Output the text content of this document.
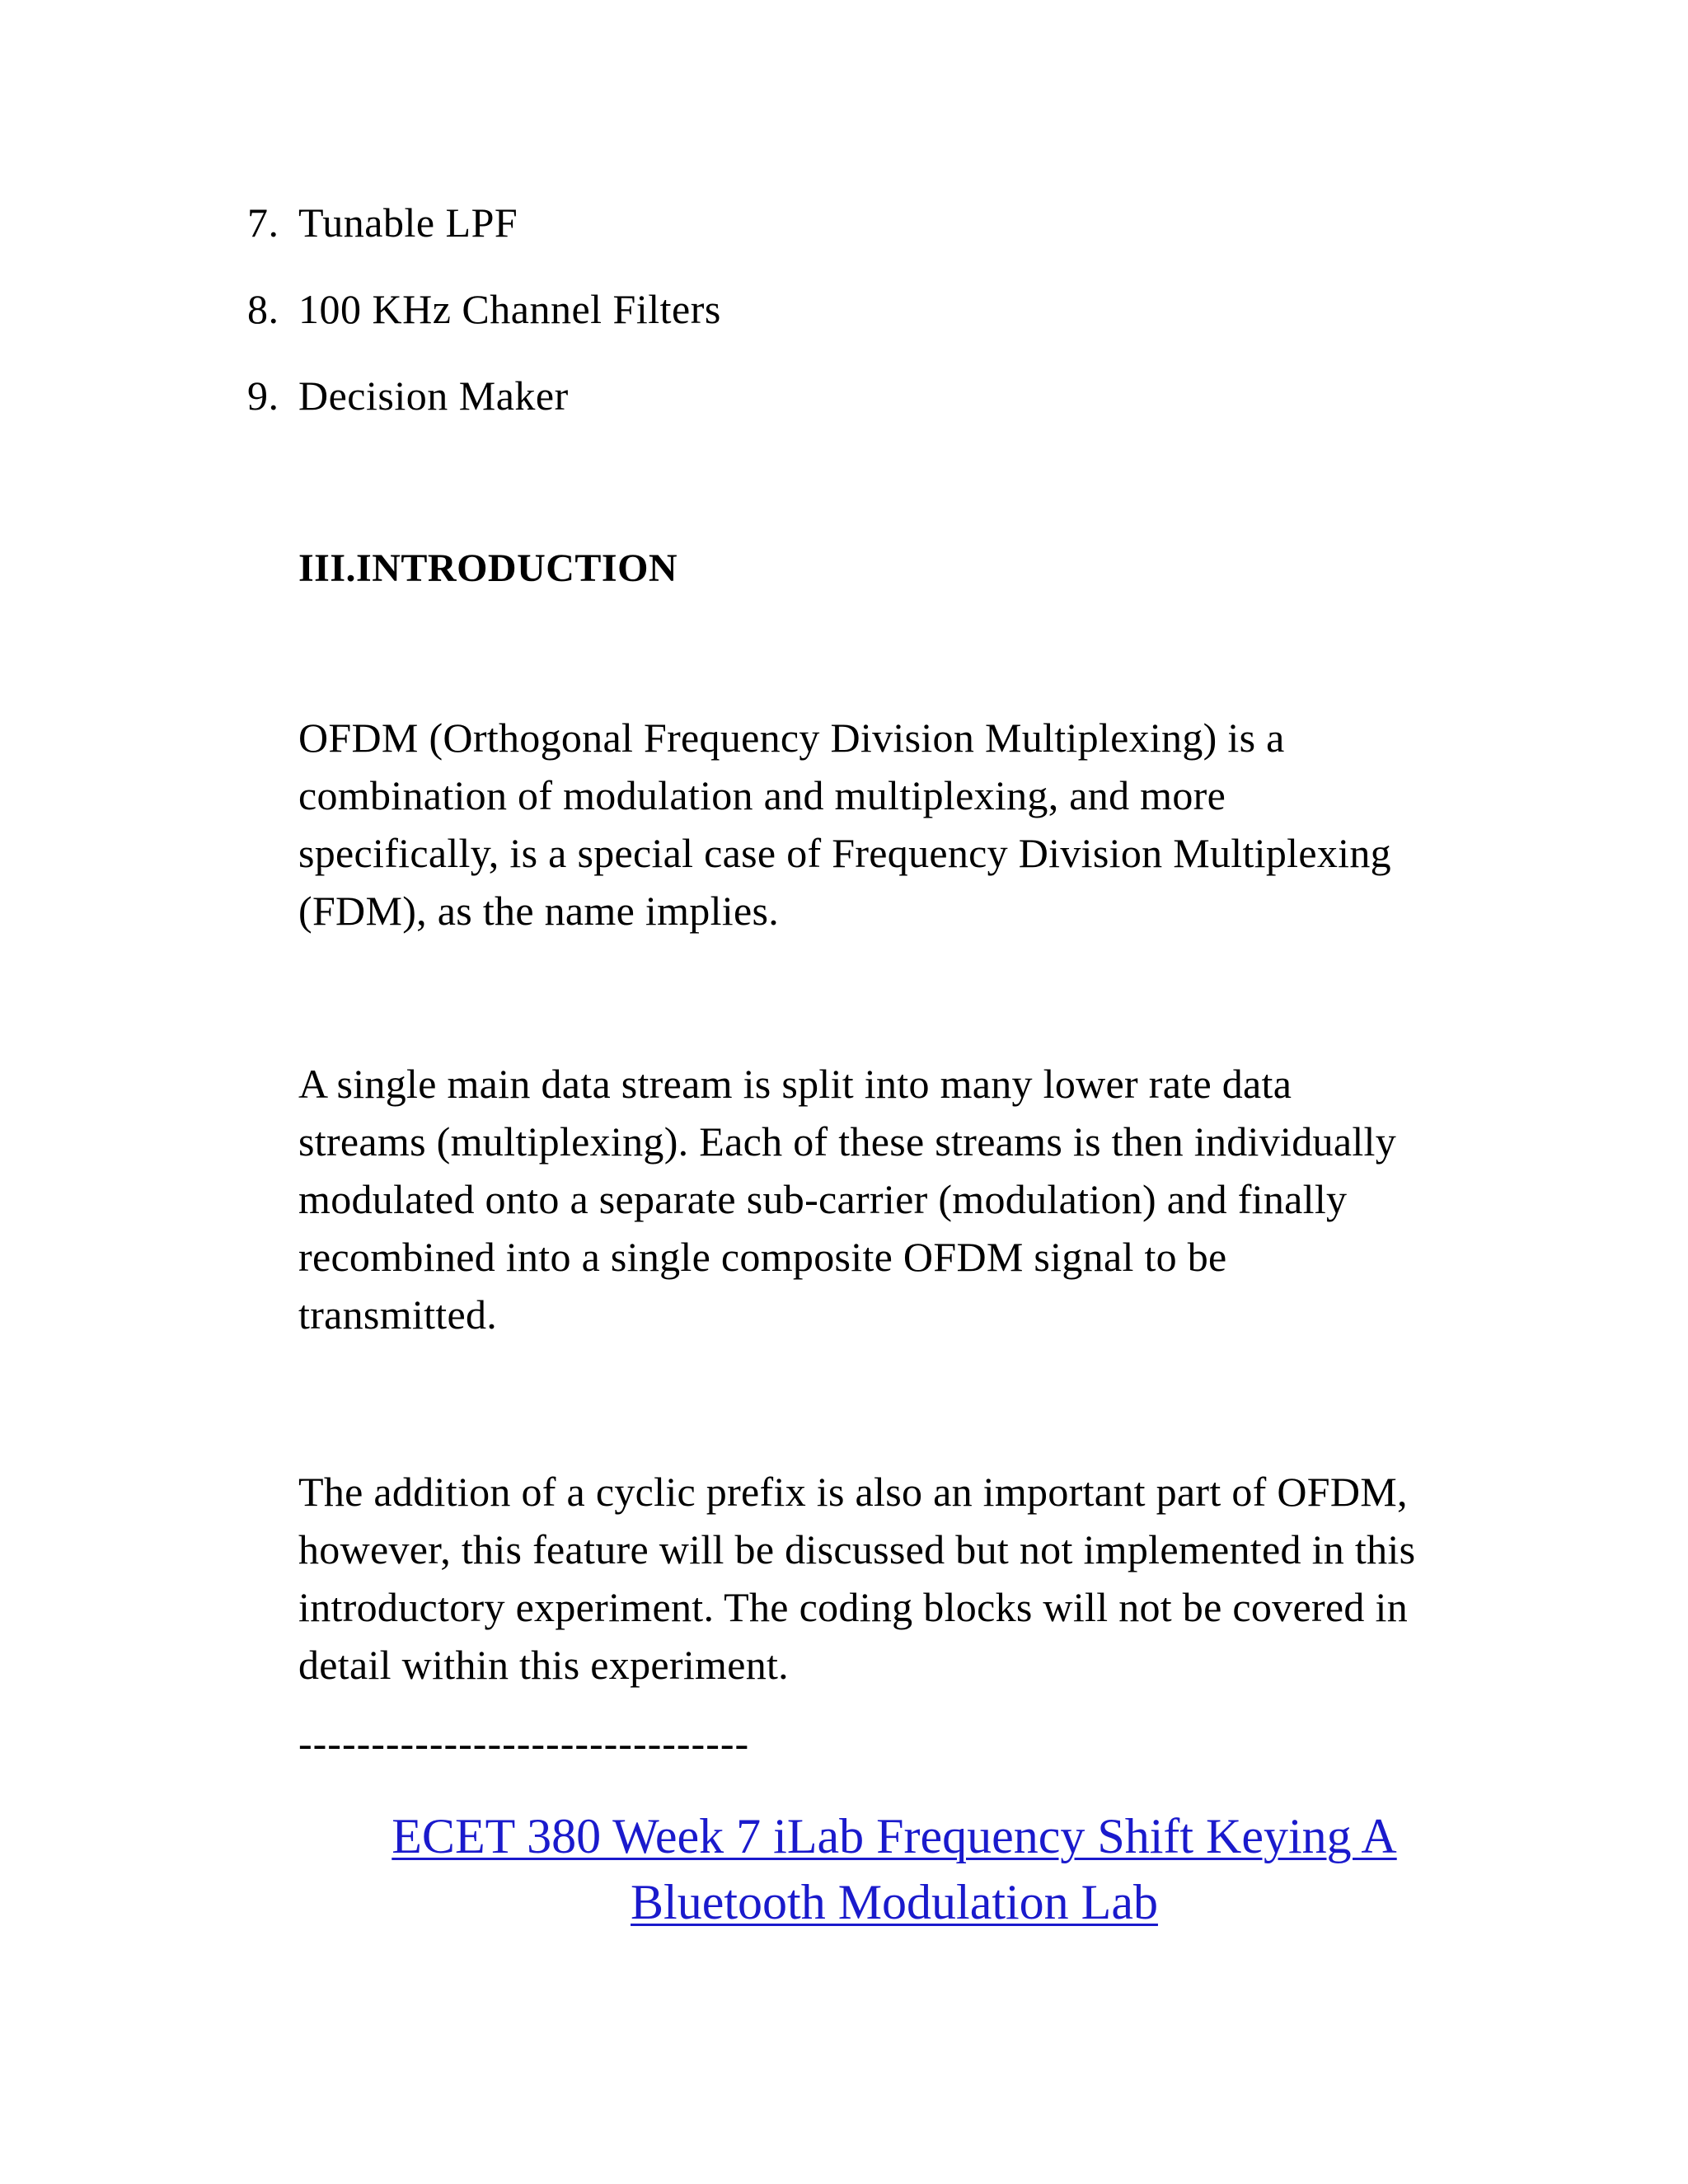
7. Tunable LPF
8. 100 KHz Channel Filters
9. Decision Maker
III.INTRODUCTION

OFDM (Orthogonal Frequency Division Multiplexing) is a
combination of modulation and multiplexing, and more
specifically, is a special case of Frequency Division Multiplexing
(FDM), as the name implies.

A single main data stream is split into many lower rate data
streams (multiplexing). Each of these streams is then individually
modulated onto a separate sub-carrier (modulation) and finally
recombined into a single composite OFDM signal to be
transmitted.

The addition of a cyclic prefix is also an important part of OFDM,
however, this feature will be discussed but not implemented in this
introductory experiment. The coding blocks will not be covered in
detail within this experiment.

-------------------------------
ECET 380 Week 7 iLab Frequency Shift Keying A
Bluetooth Modulation Lab
